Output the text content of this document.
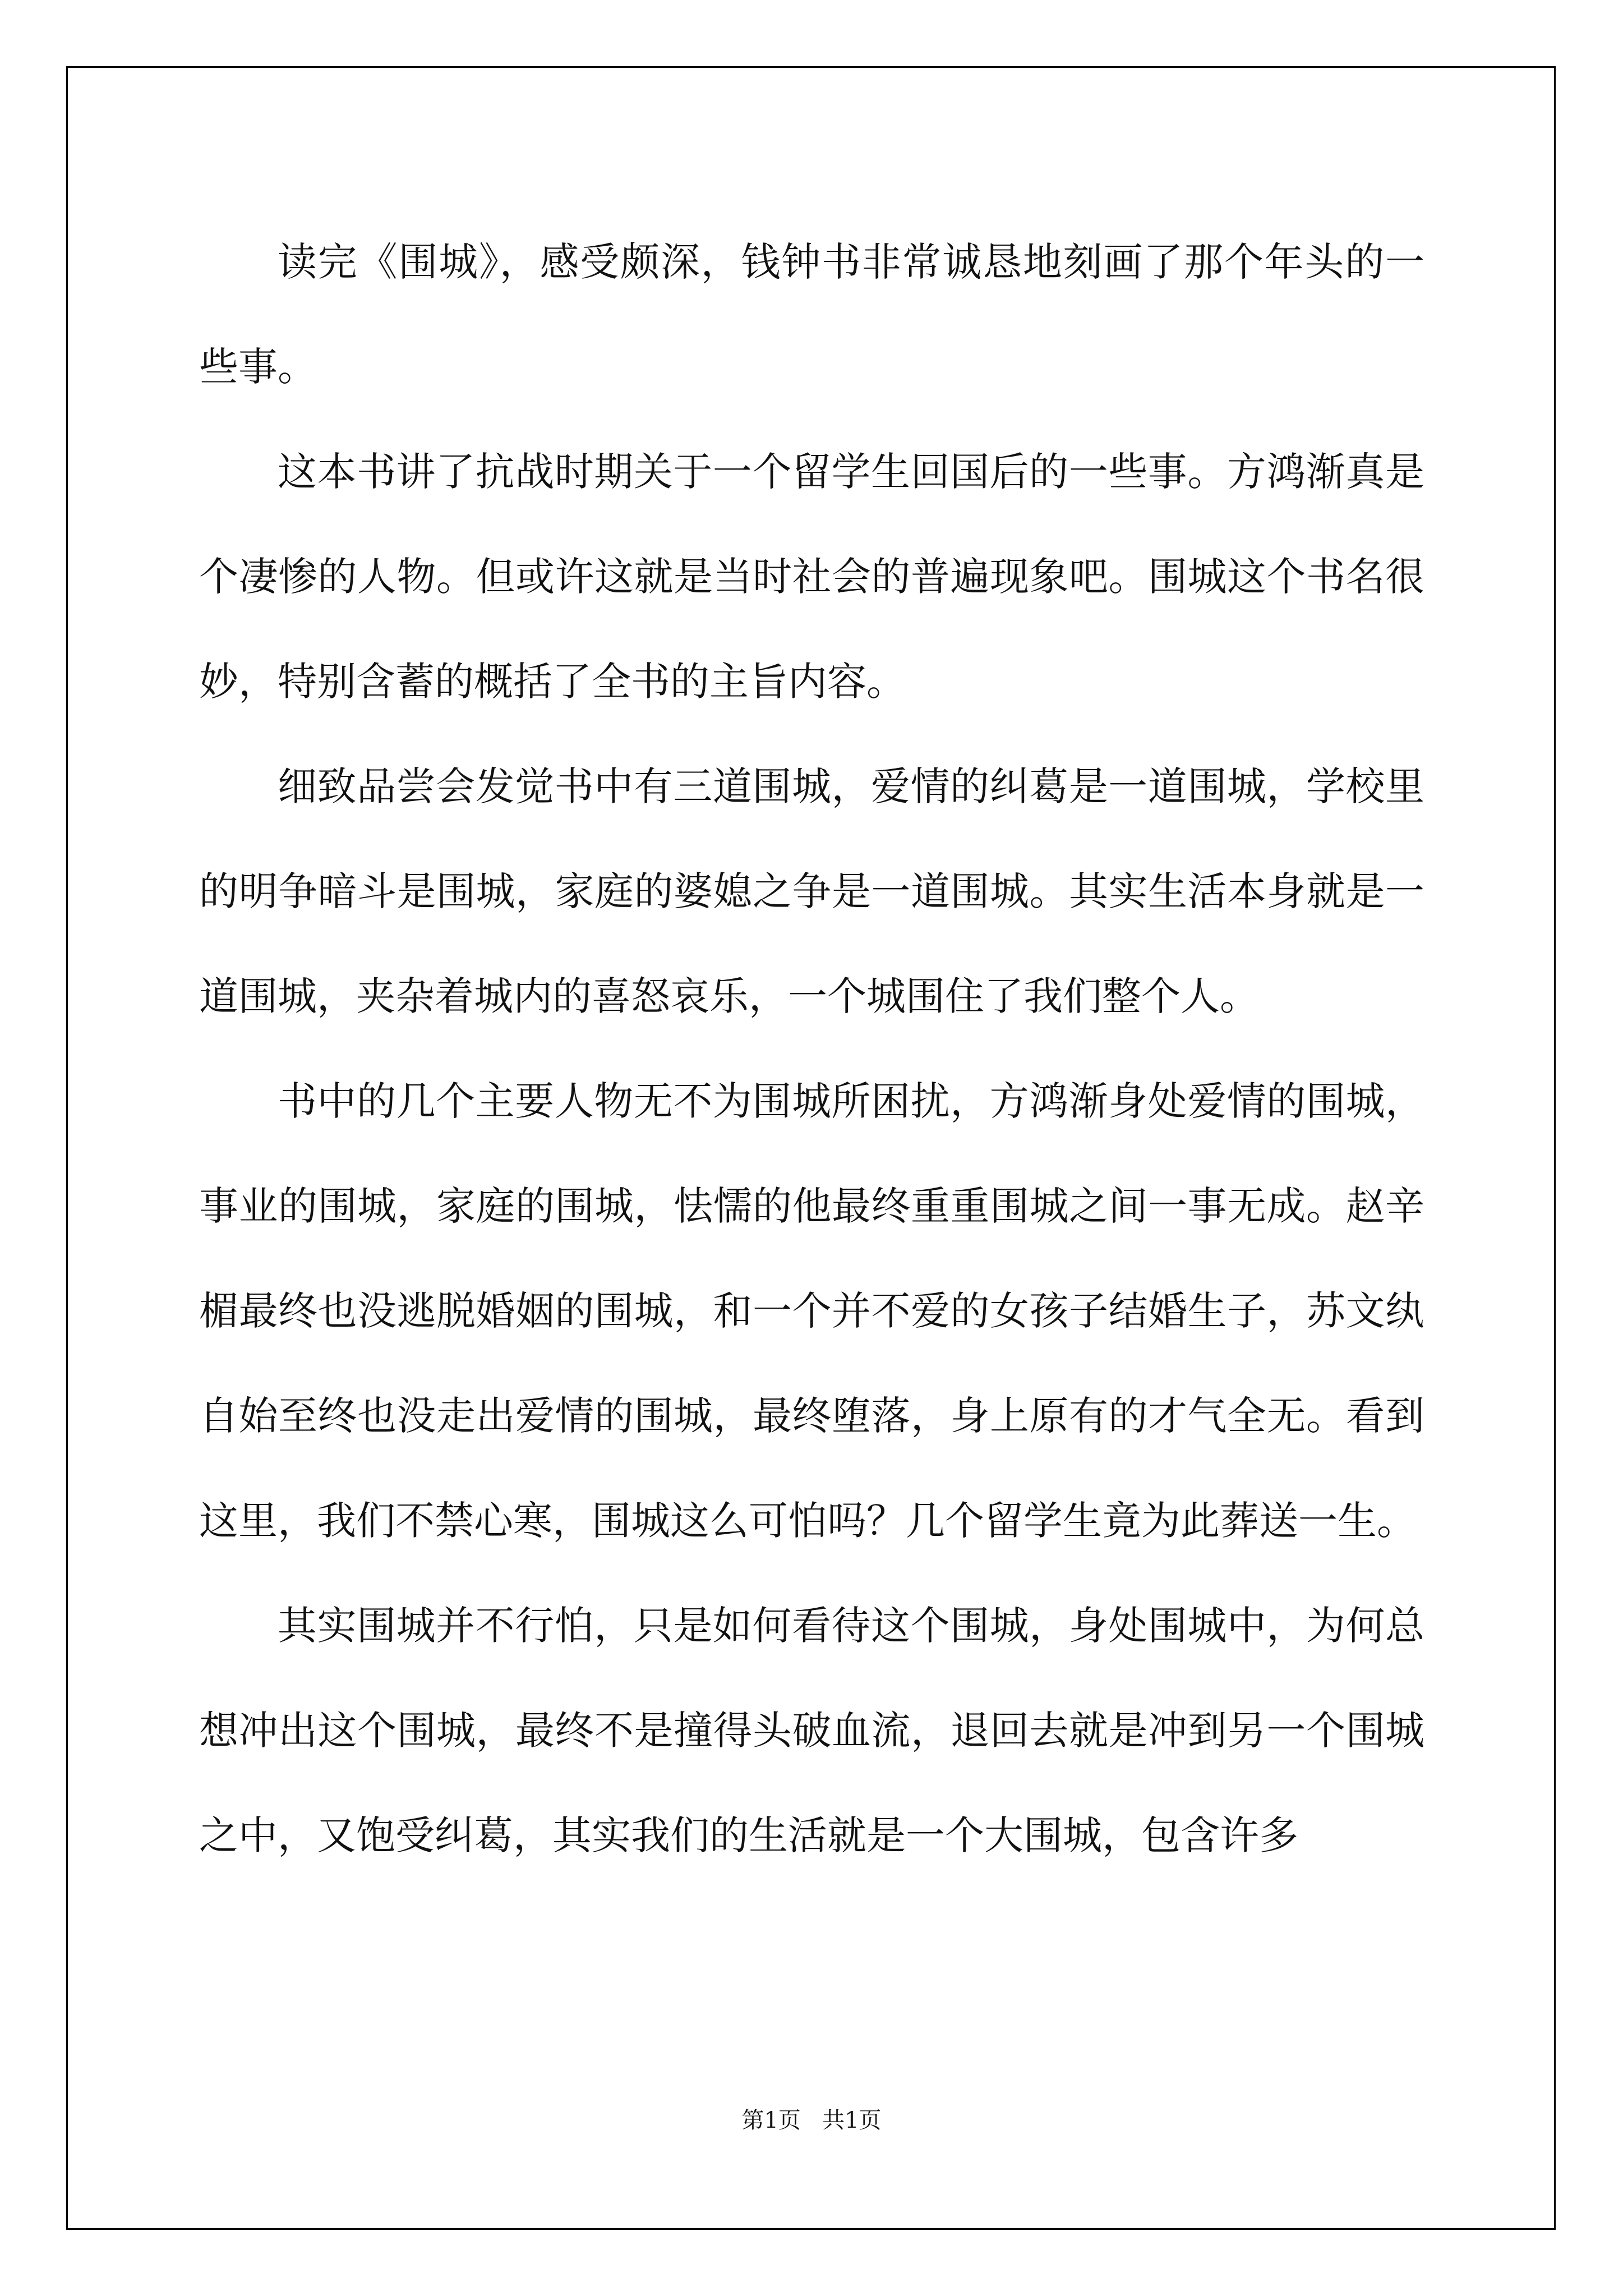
读完《围城》，感受颇深，钱钟书非常诚恳地刻画了那个年头的一些事。

这本书讲了抗战时期关于一个留学生回国后的一些事。方鸿渐真是个凄惨的人物。但或许这就是当时社会的普遍现象吧。围城这个书名很妙，特别含蓄的概括了全书的主旨内容。

细致品尝会发觉书中有三道围城，爱情的纠葛是一道围城，学校里的明争暗斗是围城，家庭的婆媳之争是一道围城。其实生活本身就是一道围城，夹杂着城内的喜怒哀乐，一个城围住了我们整个人。

书中的几个主要人物无不为围城所困扰，方鸿渐身处爱情的围城，事业的围城，家庭的围城，怯懦的他最终重重围城之间一事无成。赵辛楣最终也没逃脱婚姻的围城，和一个并不爱的女孩子结婚生子，苏文纨自始至终也没走出爱情的围城，最终堕落，身上原有的才气全无。看到这里，我们不禁心寒，围城这么可怕吗？几个留学生竟为此葬送一生。

其实围城并不行怕，只是如何看待这个围城，身处围城中，为何总想冲出这个围城，最终不是撞得头破血流，退回去就是冲到另一个围城之中，又饱受纠葛，其实我们的生活就是一个大围城，包含许多

第1页 共1页
